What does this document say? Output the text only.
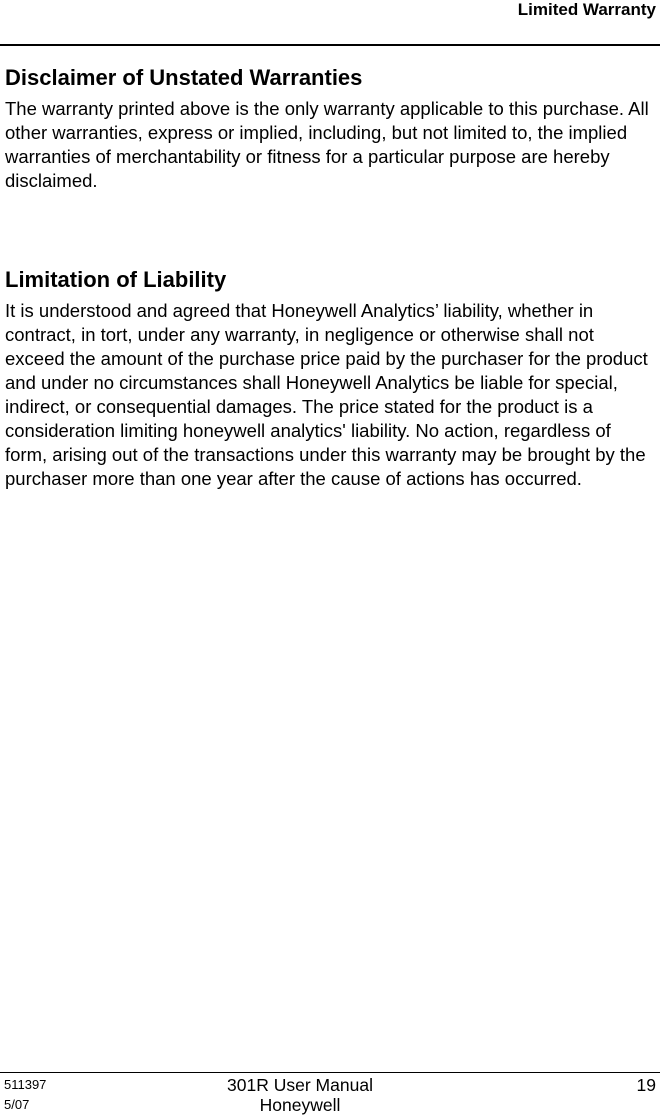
Limited Warranty
Disclaimer of Unstated Warranties

The warranty printed above is the only warranty applicable to this purchase. All other warranties, express or implied, including, but not limited to, the implied warranties of merchantability or fitness for a particular purpose are hereby disclaimed.

Limitation of Liability

It is understood and agreed that Honeywell Analytics’ liability, whether in contract, in tort, under any warranty, in negligence or otherwise shall not exceed the amount of the purchase price paid by the purchaser for the product and under no circumstances shall Honeywell Analytics be liable for special, indirect, or consequential damages. The price stated for the product is a consideration limiting honeywell analytics' liability. No action, regardless of form, arising out of the transactions under this warranty may be brought by the purchaser more than one year after the cause of actions has occurred.

511397
5/07
301R User Manual
Honeywell
19
